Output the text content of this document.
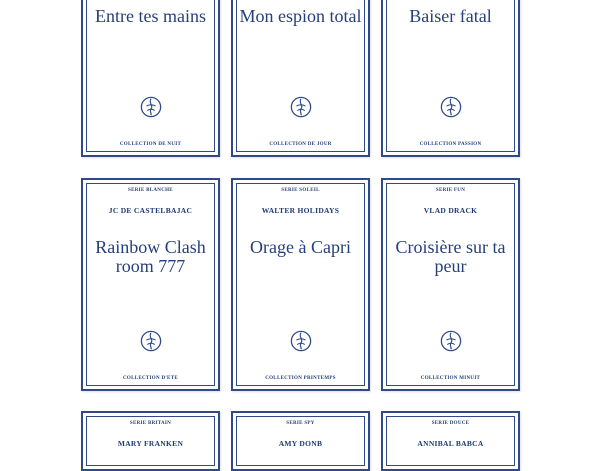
Entre tes mains
COLLECTION DE NUIT
Mon espion total
COLLECTION DE JOUR
Baiser fatal
COLLECTION PASSION
SERIE BLANCHE
JC DE CASTELBAJAC
Rainbow Clash room 777
COLLECTION D'ETE
SERIE SOLEIL
WALTER HOLIDAYS
Orage à Capri
COLLECTION PRINTEMPS
SERIE FUN
VLAD DRACK
Croisière sur ta peur
COLLECTION MINUIT
SERIE BRITAIN
MARY FRANKEN
SERIE SPY
AMY DONB
SERIE DOUCE
ANNIBAL BABCA
